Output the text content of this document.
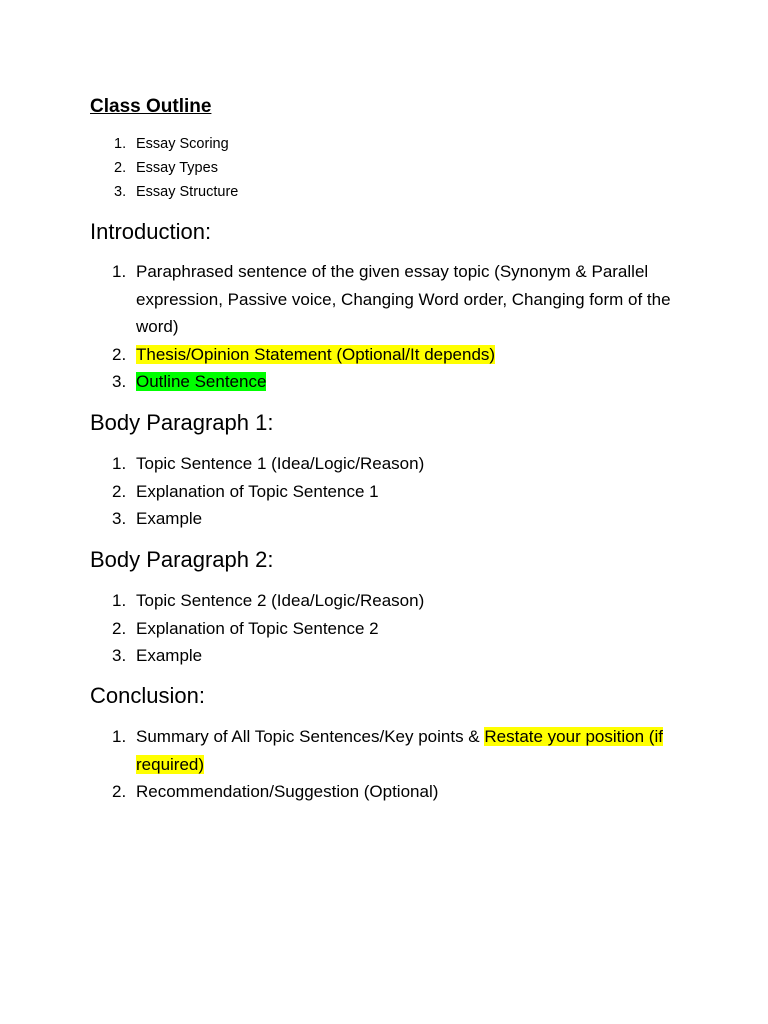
Class Outline
1. Essay Scoring
2. Essay Types
3. Essay Structure
Introduction:
1. Paraphrased sentence of the given essay topic (Synonym & Parallel expression, Passive voice, Changing Word order, Changing form of the word)
2. Thesis/Opinion Statement (Optional/It depends)
3. Outline Sentence
Body Paragraph 1:
1. Topic Sentence 1 (Idea/Logic/Reason)
2. Explanation of Topic Sentence 1
3. Example
Body Paragraph 2:
1. Topic Sentence 2 (Idea/Logic/Reason)
2. Explanation of Topic Sentence 2
3. Example
Conclusion:
1. Summary of All Topic Sentences/Key points & Restate your position (if required)
2. Recommendation/Suggestion (Optional)
